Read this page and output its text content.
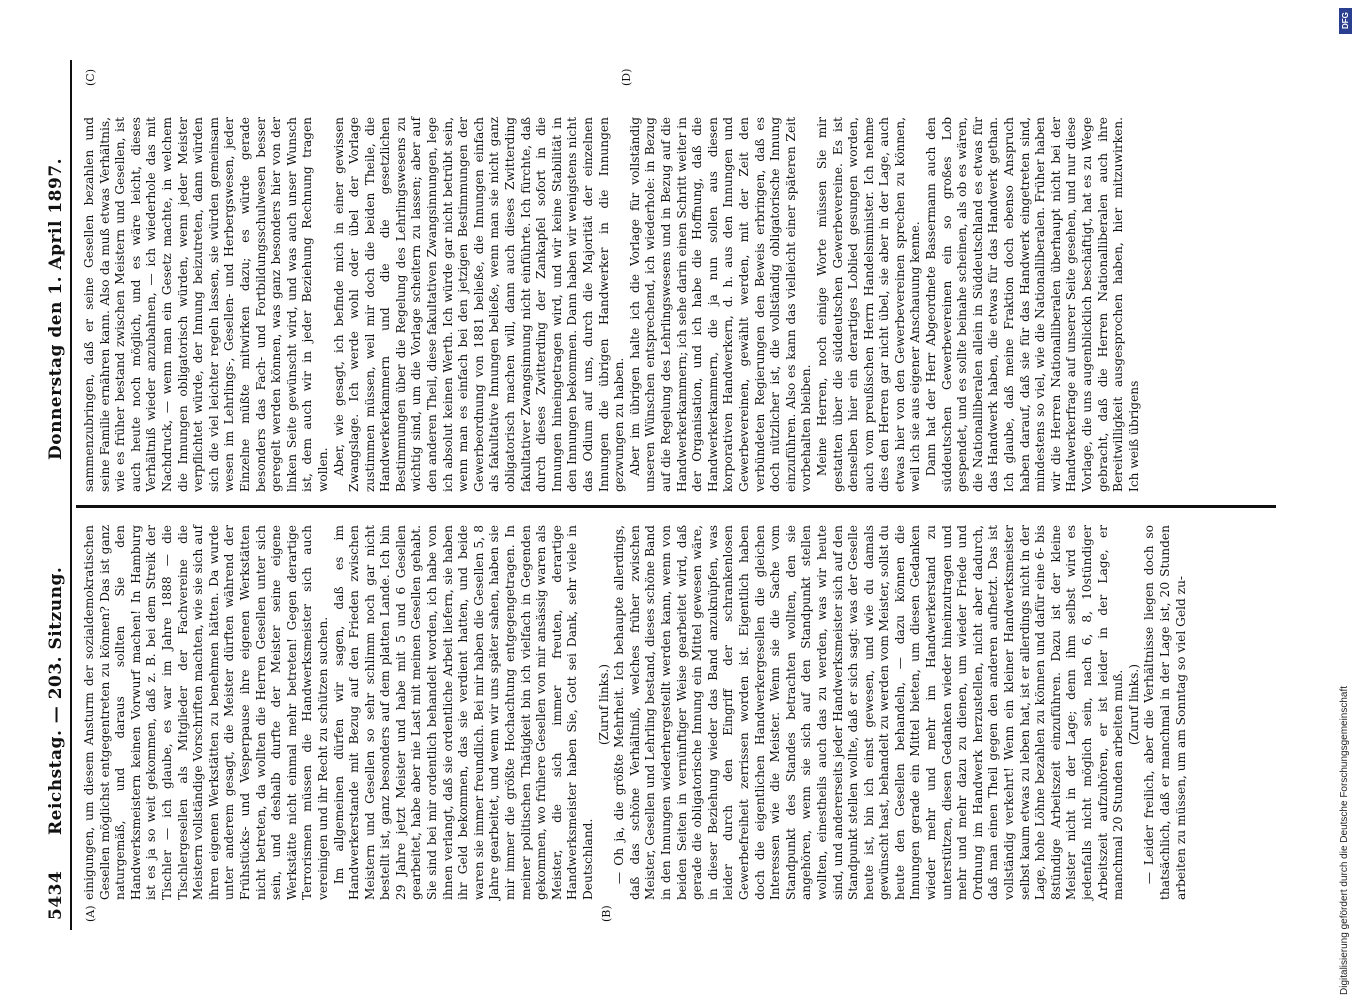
5434
Reichstag. — 203. Sitzung.
Donnerstag den 1. April 1897.
(A)	(B)
(C)	(D)

einigungen, um diesem Ansturm der sozialdemokratischen Gesellen möglichst entgegentreten zu können? Das ist ganz naturgemäß, und daraus sollten Sie den Handwerksmeistern keinen Vorwurf machen! In Hamburg ist es ja so weit gekommen, daß z. B. bei dem Streik der Tischler — ich glaube, es war im Jahre 1888 — die Tischlergesellen als Mitglieder der Fachvereine die Meistern vollständige Vorschriften machten, wie sie sich auf ihren eigenen Werkstätten zu benehmen hätten. Da wurde unter anderem gesagt, die Meister dürften während der Frühstücks- und Vesperpause ihre eigenen Werkstätten nicht betreten, da wollten die Herren Gesellen unter sich sein, und deshalb durfte der Meister seine eigene Werkstätte nicht einmal mehr betreten! Gegen derartige Terrorismen müssen die Handwerksmeister sich auch vereinigen und ihr Recht zu schützen suchen. Im allgemeinen dürfen wir sagen, daß es im Handwerkerstande mit Bezug auf den Frieden zwischen Meistern und Gesellen so sehr schlimm noch gar nicht bestellt ist, ganz besonders auf dem platten Lande. Ich bin 29 Jahre jetzt Meister und habe mit 5 und 6 Gesellen gearbeitet, habe aber nie Last mit meinen Gesellen gehabt. Sie sind bei mir ordentlich behandelt worden, ich habe von ihnen verlangt, daß sie ordentliche Arbeit liefern, sie haben ihr Geld bekommen, das sie verdient hatten, und beide waren sie immer freundlich. Bei mir haben die Gesellen 5, 8 Jahre gearbeitet, und wenn wir uns später sahen, haben sie mir immer die größte Hochachtung entgegengetragen. In meiner politischen Thätigkeit bin ich vielfach in Gegenden gekommen, wo frühere Gesellen von mir ansässig waren als Meister, die sich immer freuten, derartige Handwerksmeister haben Sie, Gott sei Dank, sehr viele in Deutschland.

(Zuruf links.) — Oh ja, die größte Mehrheit. Ich behaupte allerdings, daß das schöne Verhältniß, welches früher zwischen Meister, Gesellen und Lehrling bestand, dieses schöne Band in den Innungen wiederhergestellt werden kann, wenn von beiden Seiten in vernünftiger Weise gearbeitet wird, daß gerade die obligatorische Innung ein Mittel gewesen wäre, in dieser Beziehung wieder das Band anzuknüpfen, was leider durch den Eingriff der schrankenlosen Gewerbefreiheit zerrissen worden ist. Eigentlich haben doch die eigentlichen Handwerkergesellen die gleichen Interessen wie die Meister. Wenn sie die Sache vom Standpunkt des Standes betrachten wollten, den sie angehören, wenn sie sich auf den Standpunkt stellen wollten, einestheils auch das zu werden, was wir heute sind, und andererseits jeder Handwerksmeister sich auf den Standpunkt stellen wollte, daß er sich sagt: was der Geselle heute ist, bin ich einst gewesen, und wie du damals gewünscht hast, behandelt zu werden vom Meister, sollst du heute den Gesellen behandeln, — dazu können die Innungen gerade ein Mittel bieten, um diesen Gedanken wieder mehr und mehr im Handwerkerstand zu unterstützen, diesen Gedanken wieder hineinzutragen und mehr und mehr dazu zu dienen, um wieder Friede und Ordnung im Handwerk herzustellen, nicht aber dadurch, daß man einen Theil gegen den anderen aufhetzt. Das ist vollständig verkehrt! Wenn ein kleiner Handwerksmeister selbst kaum etwas zu leben hat, ist er allerdings nicht in der Lage, hohe Löhne bezahlen zu können und dafür eine 6- bis 8stündige Arbeitszeit einzuführen. Dazu ist der kleine Meister nicht in der Lage; denn ihm selbst wird es jedenfalls nicht möglich sein, nach 6, 8, 10stündiger Arbeitszeit aufzuhören, er ist leider in der Lage, er manchmal 20 Stunden arbeiten muß. (Zuruf links.) — Leider freilich, aber die Verhältnisse liegen doch so thatsächlich, daß er manchmal in der Lage ist, 20 Stunden arbeiten zu müssen, um am Sonntag so viel Geld zu-

sammenzubringen, daß er seine Gesellen bezahlen und seine Familie ernähren kann. Also da muß etwas Verhältnis, wie es früher bestand zwischen Meistern und Gesellen, ist auch heute noch möglich, und es wäre leicht, dieses Verhältniß wieder anzubahnen, — ich wiederhole das mit Nachdruck, — wenn man ein Gesetz machte, in welchem die Innungen obligatorisch würden, wenn jeder Meister verpflichtet würde, der Innung beizutreten, dann würden sich die viel leichter regeln lassen, sie würden gemeinsam wesen im Lehrlings-, Gesellen- und Herbergswesen, jeder Einzelne müßte mitwirken dazu; es würde gerade besonders das Fach- und Fortbildungsschulwesen besser geregelt werden können, was ganz besonders hier von der linken Seite gewünscht wird, und was auch unser Wunsch ist, dem auch wir in jeder Beziehung Rechnung tragen wollen. Aber, wie gesagt, ich befinde mich in einer gewissen Zwangslage. Ich werde wohl oder übel der Vorlage zustimmen müssen, weil mir doch die beiden Theile, die Handwerkerkammern und die die gesetzlichen Bestimmungen über die Regelung des Lehrlingswesens zu wichtig sind, um die Vorlage scheitern zu lassen; aber auf den anderen Theil, diese fakultativen Zwangsinnungen, lege ich absolut keinen Werth. Ich würde gar nicht betrübt sein, wenn man es einfach bei den jetzigen Bestimmungen der Gewerbeordnung von 1881 beließe, die Innungen einfach als fakultative Innungen beließe, wenn man sie nicht ganz obligatorisch machen will, dann auch dieses Zwitterding fakultativer Zwangsinnung nicht einführte. Ich fürchte, daß durch dieses Zwitterding der Zankapfel sofort in die Innungen hineingetragen wird, und wir keine Stabilität in den Innungen bekommen. Dann haben wir wenigstens nicht das Odium auf uns, durch die Majorität der einzelnen Innungen die übrigen Handwerker in die Innungen gezwungen zu haben. Aber im übrigen halte ich die Vorlage für vollständig unseren Wünschen entsprechend, ich wiederhole: in Bezug auf die Regelung des Lehrlingswesens und in Bezug auf die Handwerkerkammern; ich sehe darin einen Schritt weiter in der Organisation, und ich habe die Hoffnung, daß die Handwerkerkammern, die ja nun sollen aus diesen korporativen Handwerkern, d. h. aus den Innungen und Gewerbevereinen, gewählt werden, mit der Zeit den verbündeten Regierungen den Beweis erbringen, daß es doch nützlicher ist, die vollständig obligatorische Innung einzuführen. Also es kann das vielleicht einer späteren Zeit vorbehalten bleiben. Meine Herren, noch einige Worte müssen Sie mir gestatten über die süddeutschen Gewerbevereine. Es ist denselben hier ein derartiges Loblied gesungen worden, auch vom preußischen Herrn Handelsminister. Ich nehme dies den Herren gar nicht übel, sie aber in der Lage, auch etwas hier von den Gewerbevereinen sprechen zu können, weil ich sie aus eigener Anschauung kenne. Dann hat der Herr Abgeordnete Bassermann auch den süddeutschen Gewerbevereinen ein so großes Lob gespendet, und es sollte beinahe scheinen, als ob es wären, die Nationalliberalen allein in Süddeutschland es etwas für das Handwerk haben, die etwas für das Handwerk gethan. Ich glaube, daß meine Fraktion doch ebenso Anspruch haben darauf, daß sie für das Handwerk eingetreten sind, mindestens so viel, wie die Nationalliberalen. Früher haben wir die Herren Nationalliberalen überhaupt nicht bei der Handwerkerfrage auf unserer Seite gesehen, und nur diese Vorlage, die uns augenblicklich beschäftigt, hat es zu Wege gebracht, daß die Herren Nationalliberalen auch ihre Bereitwilligkeit ausgesprochen haben, hier mitzuwirken. Ich weiß übrigens

DFG
Digitalisierung gefördert durch die Deutsche Forschungsgemeinschaft
